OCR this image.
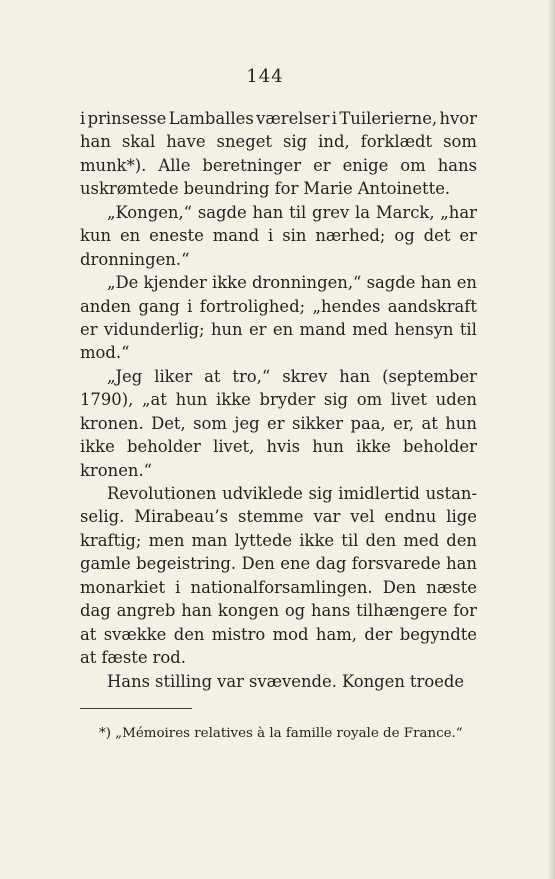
144
i prinsesse Lamballes værelser i Tuilerierne, hvor
han skal have sneget sig ind, forklædt som
munk*). Alle beretninger er enige om hans
uskrømtede beundring for Marie Antoinette.
„Kongen,“ sagde han til grev la Marck, „har
kun en eneste mand i sin nærhed; og det er
dronningen.“
„De kjender ikke dronningen,“ sagde han en
anden gang i fortrolighed; „hendes aandskraft
er vidunderlig; hun er en mand med hensyn til
mod.“
„Jeg liker at tro,“ skrev han (september
1790), „at hun ikke bryder sig om livet uden
kronen. Det, som jeg er sikker paa, er, at hun
ikke beholder livet, hvis hun ikke beholder
kronen.“
Revolutionen udviklede sig imidlertid ustan-
selig. Mirabeau’s stemme var vel endnu lige
kraftig; men man lyttede ikke til den med den
gamle begeistring. Den ene dag forsvarede han
monarkiet i nationalforsamlingen. Den næste
dag angreb han kongen og hans tilhængere for
at svække den mistro mod ham, der begyndte
at fæste rod.
Hans stilling var svævende. Kongen troede
*) „Mémoires relatives à la famille royale de France.“
